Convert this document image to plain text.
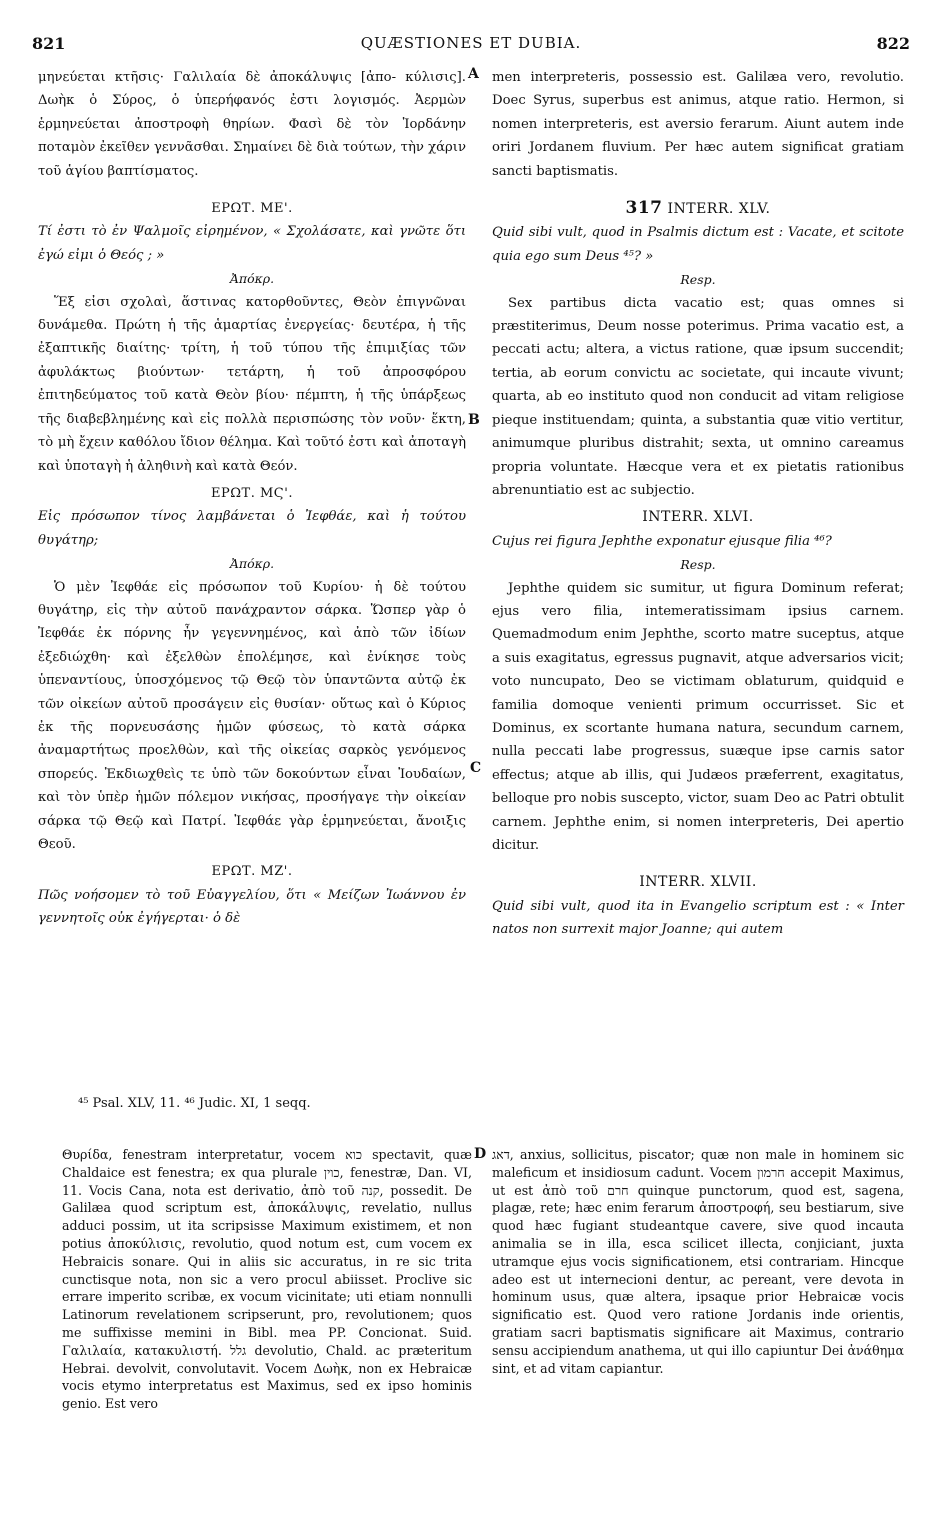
821	QUÆSTIONES ET DUBIA.	822

μηνεύεται κτῆσις· Γαλιλαία δὲ ἀποκάλυψις [ἀπο- κύλισις]. Δωὴκ ὁ Σύρος, ὁ ὑπερήφανός ἐστι λογισμός. Ἀερμὼν ἑρμηνεύεται ἀποστροφὴ θηρίων. Φασὶ δὲ τὸν Ἰορδάνην ποταμὸν ἐκεῖθεν γεννᾶσθαι. Σημαίνει δὲ διὰ τούτων, τὴν χάριν τοῦ ἁγίου βαπτίσματος.

ΕΡΩΤ. ΜΕ'.

Τί ἐστι τὸ ἐν Ψαλμοῖς εἰρημένον, « Σχολάσατε, καὶ γνῶτε ὅτι ἐγώ εἰμι ὁ Θεός ; »

Ἀπόκρ.

Ἕξ εἰσι σχολαὶ, ἅστινας κατορθοῦντες, Θεὸν ἐπιγνῶναι δυνάμεθα. Πρώτη ἡ τῆς ἁμαρτίας ἐνεργείας· δευτέρα, ἡ τῆς ἐξαπτικῆς διαίτης· τρίτη, ἡ τοῦ τύπου τῆς ἐπιμιξίας τῶν ἀφυλάκτως βιούντων· τετάρτη, ἡ τοῦ ἀπροσφόρου ἐπιτηδεύματος τοῦ κατὰ Θεὸν βίου· πέμπτη, ἡ τῆς ὑπάρξεως τῆς διαβεβλημένης καὶ εἰς πολλὰ περισπώσης τὸν νοῦν· ἕκτη, τὸ μὴ ἔχειν καθόλου ἴδιον θέλημα. Καὶ τοῦτό ἐστι καὶ ἀποταγὴ καὶ ὑποταγὴ ἡ ἀληθινὴ καὶ κατὰ Θεόν.

ΕΡΩΤ. ΜϚ'.

Εἰς πρόσωπον τίνος λαμβάνεται ὁ Ἰεφθάε, καὶ ἡ τούτου θυγάτηρ;

Ἀπόκρ.

Ὁ μὲν Ἰεφθάε εἰς πρόσωπον τοῦ Κυρίου· ἡ δὲ τούτου θυγάτηρ, εἰς τὴν αὐτοῦ πανάχραντον σάρκα. Ὥσπερ γὰρ ὁ Ἰεφθάε ἐκ πόρνης ἦν γεγεννημένος, καὶ ἀπὸ τῶν ἰδίων ἐξεδιώχθη· καὶ ἐξελθὼν ἐπολέμησε, καὶ ἐνίκησε τοὺς ὑπεναντίους, ὑποσχόμενος τῷ Θεῷ τὸν ὑπαντῶντα αὐτῷ ἐκ τῶν οἰκείων αὐτοῦ προσάγειν εἰς θυσίαν· οὕτως καὶ ὁ Κύριος ἐκ τῆς πορνευσάσης ἡμῶν φύσεως, τὸ κατὰ σάρκα ἀναμαρτήτως προελθὼν, καὶ τῆς οἰκείας σαρκὸς γενόμενος σπορεύς. Ἐκδιωχθεὶς τε ὑπὸ τῶν δοκούντων εἶναι Ἰουδαίων, καὶ τὸν ὑπὲρ ἡμῶν πόλεμον νικήσας, προσήγαγε τὴν οἰκείαν σάρκα τῷ Θεῷ καὶ Πατρί. Ἰεφθάε γὰρ ἑρμηνεύεται, ἄνοιξις Θεοῦ.

ΕΡΩΤ. ΜΖ'.

Πῶς νοήσομεν τὸ τοῦ Εὐαγγελίου, ὅτι « Μείζων Ἰωάννου ἐν γεννητοῖς οὐκ ἐγήγερται· ὁ δὲ

men interpreteris, possessio est. Galilæa vero, revolutio. Doec Syrus, superbus est animus, atque ratio. Hermon, si nomen interpreteris, est aversio ferarum. Aiunt autem inde oriri Jordanem fluvium. Per hæc autem significat gratiam sancti baptismatis.

317 INTERR. XLV.

Quid sibi vult, quod in Psalmis dictum est : Vacate, et scitote quia ego sum Deus ⁴⁵? »

Resp.

Sex partibus dicta vacatio est; quas omnes si præstiterimus, Deum nosse poterimus. Prima vacatio est, a peccati actu; altera, a victus ratione, quæ ipsum succendit; tertia, ab eorum convictu ac societate, qui incaute vivunt; quarta, ab eo instituto quod non conducit ad vitam religiose pieque instituendam; quinta, a substantia quæ vitio vertitur, animumque pluribus distrahit; sexta, ut omnino careamus propria voluntate. Hæcque vera et ex pietatis rationibus abrenuntiatio est ac subjectio.

INTERR. XLVI.

Cujus rei figura Jephthe exponatur ejusque filia ⁴⁶?

Resp.

Jephthe quidem sic sumitur, ut figura Dominum referat; ejus vero filia, intemeratissimam ipsius carnem. Quemadmodum enim Jephthe, scorto matre suceptus, atque a suis exagitatus, egressus pugnavit, atque adversarios vicit; voto nuncupato, Deo se victimam oblaturum, quidquid e familia domoque venienti primum occurrisset. Sic et Dominus, ex scortante humana natura, secundum carnem, nulla peccati labe progressus, suæque ipse carnis sator effectus; atque ab illis, qui Judæos præferrent, exagitatus, belloque pro nobis suscepto, victor, suam Deo ac Patri obtulit carnem. Jephthe enim, si nomen interpreteris, Dei apertio dicitur.

INTERR. XLVII.

Quid sibi vult, quod ita in Evangelio scriptum est : « Inter natos non surrexit major Joanne; qui autem

A
B
C
D
⁴⁵ Psal. XLV, 11. ⁴⁶ Judic. XI, 1 seqq.

Θυρίδα, fenestram interpretatur, vocem כוא spectavit, quæ Chaldaice est fenestra; ex qua plurale כוין, fenestræ, Dan. VI, 11. Vocis Cana, nota est derivatio, ἀπὸ τοῦ קנה, possedit. De Galilæa quod scriptum est, ἀποκάλυψις, revelatio, nullus adduci possim, ut ita scripsisse Maximum existimem, et non potius ἀποκύλισις, revolutio, quod notum est, cum vocem ex Hebraicis sonare. Qui in aliis sic accuratus, in re sic trita cunctisque nota, non sic a vero procul abiisset. Proclive sic errare imperito scribæ, ex vocum vicinitate; uti etiam nonnulli Latinorum revelationem scripserunt, pro, revolutionem; quos me suffixisse memini in Bibl. mea PP. Concionat. Suid. Γαλιλαία, κατακυλιστή. גלל devolutio, Chald. ac præteritum Hebrai. devolvit, convolutavit. Vocem Δωὴκ, non ex Hebraicæ vocis etymo interpretatus est Maximus, sed ex ipso hominis genio. Est vero

דאג, anxius, sollicitus, piscator; quæ non male in hominem sic maleficum et insidiosum cadunt. Vocem חרמון accepit Maximus, ut est ἀπὸ τοῦ חרם quinque punctorum, quod est, sagena, plagæ, rete; hæc enim ferarum ἀποστροφή, seu bestiarum, sive quod hæc fugiant studeantque cavere, sive quod incauta animalia se in illa, esca scilicet illecta, conjiciant, juxta utramque ejus vocis significationem, etsi contrariam. Hincque adeo est ut internecioni dentur, ac pereant, vere devota in hominum usus, quæ altera, ipsaque prior Hebraicæ vocis significatio est. Quod vero ratione Jordanis inde orientis, gratiam sacri baptismatis significare ait Maximus, contrario sensu accipiendum anathema, ut qui illo capiuntur Dei ἀνάθημα sint, et ad vitam capiantur.
